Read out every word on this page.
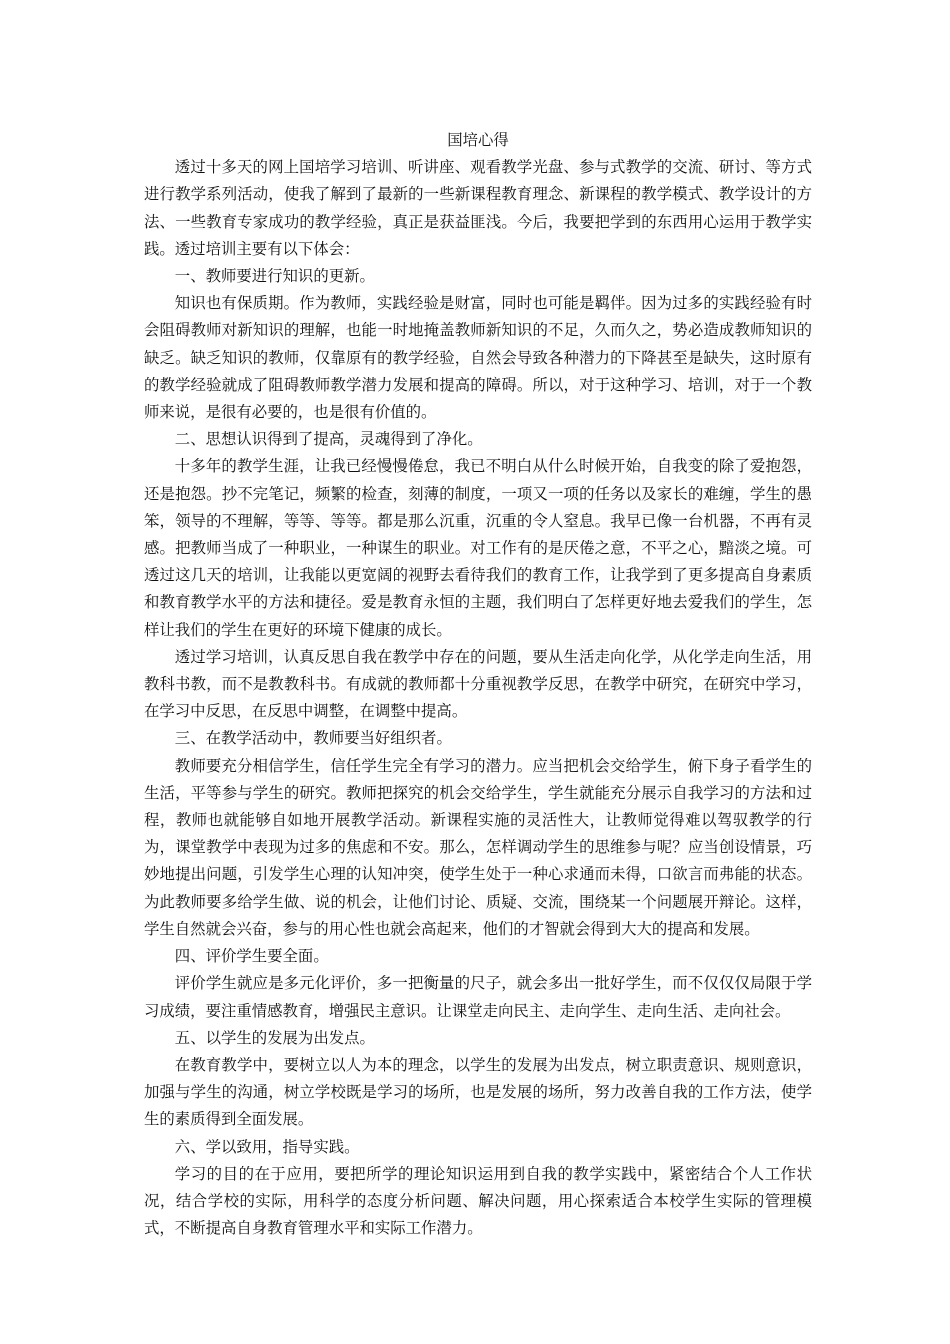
国培心得

透过十多天的网上国培学习培训、听讲座、观看教学光盘、参与式教学的交流、研讨、等方式进行教学系列活动，使我了解到了最新的一些新课程教育理念、新课程的教学模式、教学设计的方法、一些教育专家成功的教学经验，真正是获益匪浅。今后，我要把学到的东西用心运用于教学实践。透过培训主要有以下体会：

一、教师要进行知识的更新。

知识也有保质期。作为教师，实践经验是财富，同时也可能是羁伴。因为过多的实践经验有时会阻碍教师对新知识的理解，也能一时地掩盖教师新知识的不足，久而久之，势必造成教师知识的缺乏。缺乏知识的教师，仅靠原有的教学经验，自然会导致各种潜力的下降甚至是缺失，这时原有的教学经验就成了阻碍教师教学潜力发展和提高的障碍。所以，对于这种学习、培训，对于一个教师来说，是很有必要的，也是很有价值的。

二、思想认识得到了提高，灵魂得到了净化。

十多年的教学生涯，让我已经慢慢倦怠，我已不明白从什么时候开始，自我变的除了爱抱怨，还是抱怨。抄不完笔记，频繁的检查，刻薄的制度，一项又一项的任务以及家长的难缠，学生的愚笨，领导的不理解，等等、等等。都是那么沉重，沉重的令人窒息。我早已像一台机器，不再有灵感。把教师当成了一种职业，一种谋生的职业。对工作有的是厌倦之意，不平之心，黯淡之境。可透过这几天的培训，让我能以更宽阔的视野去看待我们的教育工作，让我学到了更多提高自身素质和教育教学水平的方法和捷径。爱是教育永恒的主题，我们明白了怎样更好地去爱我们的学生，怎样让我们的学生在更好的环境下健康的成长。

透过学习培训，认真反思自我在教学中存在的问题，要从生活走向化学，从化学走向生活，用教科书教，而不是教教科书。有成就的教师都十分重视教学反思，在教学中研究，在研究中学习，在学习中反思，在反思中调整，在调整中提高。

三、在教学活动中，教师要当好组织者。

教师要充分相信学生，信任学生完全有学习的潜力。应当把机会交给学生，俯下身子看学生的生活，平等参与学生的研究。教师把探究的机会交给学生，学生就能充分展示自我学习的方法和过程，教师也就能够自如地开展教学活动。新课程实施的灵活性大，让教师觉得难以驾驭教学的行为，课堂教学中表现为过多的焦虑和不安。那么，怎样调动学生的思维参与呢？应当创设情景，巧妙地提出问题，引发学生心理的认知冲突，使学生处于一种心求通而未得，口欲言而弗能的状态。为此教师要多给学生做、说的机会，让他们讨论、质疑、交流，围绕某一个问题展开辩论。这样，学生自然就会兴奋，参与的用心性也就会高起来，他们的才智就会得到大大的提高和发展。

四、评价学生要全面。

评价学生就应是多元化评价，多一把衡量的尺子，就会多出一批好学生，而不仅仅仅局限于学习成绩，要注重情感教育，增强民主意识。让课堂走向民主、走向学生、走向生活、走向社会。

五、以学生的发展为出发点。

在教育教学中，要树立以人为本的理念，以学生的发展为出发点，树立职责意识、规则意识，加强与学生的沟通，树立学校既是学习的场所，也是发展的场所，努力改善自我的工作方法，使学生的素质得到全面发展。

六、学以致用，指导实践。

学习的目的在于应用，要把所学的理论知识运用到自我的教学实践中，紧密结合个人工作状况，结合学校的实际，用科学的态度分析问题、解决问题，用心探索适合本校学生实际的管理模式，不断提高自身教育管理水平和实际工作潜力。
